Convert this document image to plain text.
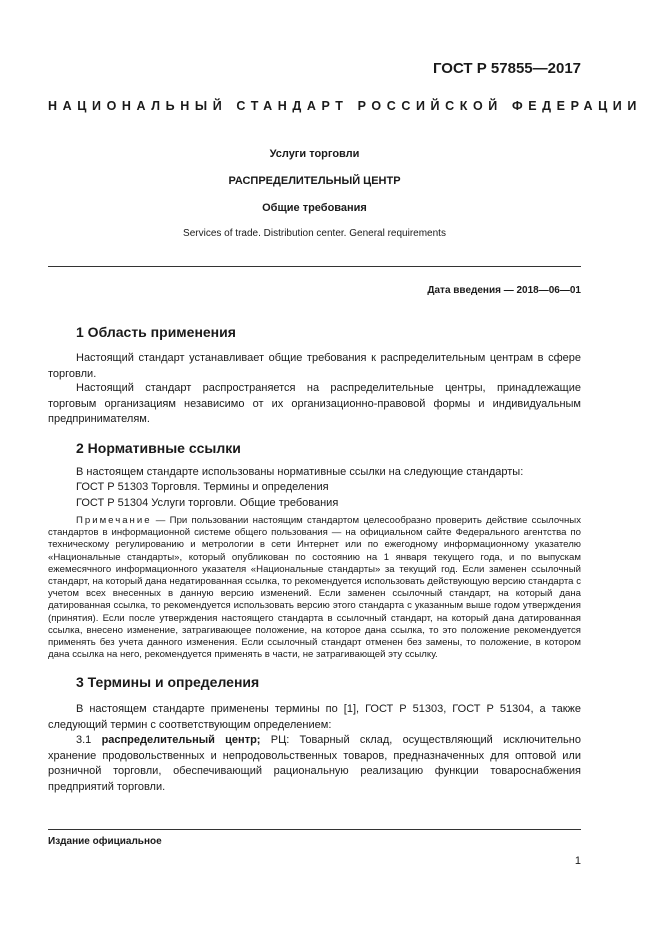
ГОСТ Р 57855—2017
НАЦИОНАЛЬНЫЙ СТАНДАРТ РОССИЙСКОЙ ФЕДЕРАЦИИ
Услуги торговли
РАСПРЕДЕЛИТЕЛЬНЫЙ ЦЕНТР
Общие требования
Services of trade. Distribution center. General requirements
Дата введения — 2018—06—01
1 Область применения

Настоящий стандарт устанавливает общие требования к распределительным центрам в сфере торговли.

Настоящий стандарт распространяется на распределительные центры, принадлежащие торговым организациям независимо от их организационно-правовой формы и индивидуальным предпринимателям.

2 Нормативные ссылки
В настоящем стандарте использованы нормативные ссылки на следующие стандарты:
ГОСТ Р 51303 Торговля. Термины и определения
ГОСТ Р 51304 Услуги торговли. Общие требования

Примечание — При пользовании настоящим стандартом целесообразно проверить действие ссылочных стандартов в информационной системе общего пользования — на официальном сайте Федерального агентства по техническому регулированию и метрологии в сети Интернет или по ежегодному информационному указателю «Национальные стандарты», который опубликован по состоянию на 1 января текущего года, и по выпускам ежемесячного информационного указателя «Национальные стандарты» за текущий год. Если заменен ссылочный стандарт, на который дана недатированная ссылка, то рекомендуется использовать действующую версию стандарта с учетом всех внесенных в данную версию изменений. Если заменен ссылочный стандарт, на который дана датированная ссылка, то рекомендуется использовать версию этого стандарта с указанным выше годом утверждения (принятия). Если после утверждения настоящего стандарта в ссылочный стандарт, на который дана датированная ссылка, внесено изменение, затрагивающее положение, на которое дана ссылка, то это положение рекомендуется применять без учета данного изменения. Если ссылочный стандарт отменен без замены, то положение, в котором дана ссылка на него, рекомендуется применять в части, не затрагивающей эту ссылку.

3 Термины и определения

В настоящем стандарте применены термины по [1], ГОСТ Р 51303, ГОСТ Р 51304, а также следующий термин с соответствующим определением:

3.1 распределительный центр; РЦ: Товарный склад, осуществляющий исключительно хранение продовольственных и непродовольственных товаров, предназначенных для оптовой или розничной торговли, обеспечивающий рациональную реализацию функции товароснабжения предприятий торговли.

Издание официальное
1
